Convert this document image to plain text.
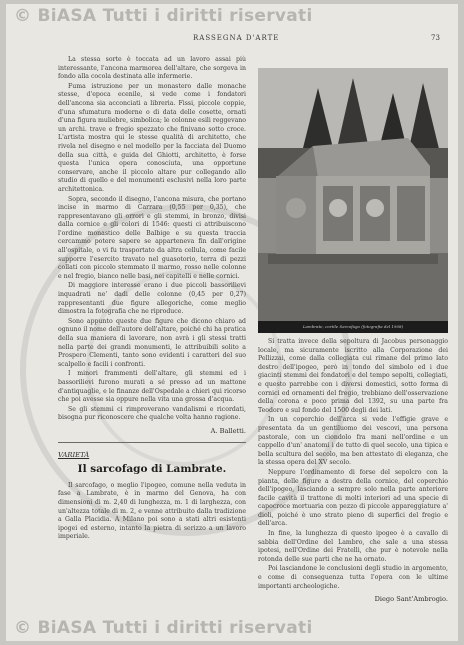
RASSEGNA D'ARTE	73

La stessa sorte è toccata ad un lavoro assai più interessante, l'ancona marmorea dell'altare, che sorgeva in fondo alla cocola destinata alle infermerie.

Fuma istruzione per un monastero dalle monache stesse, d'epoca ecenile, si vede come i fondatori dell'ancona sia acconciati a libreria. Fissi, piccole coppie, d'una sfumatura moderne o di data delle cosette, ornati d'una figura muliebre, simbolica; le colonne esili reggevano un archi. trave e fregio spezzato che finivano sotto croce. L'artista mostra qui le stesse qualità di architetto, che rivela nel disegno e nel modello per la facciata del Duomo della sua città, e guida del Ghiotti, architetto, è forse questa l'unica opera conosciuta, una opportune conservare, anche il piccolo altare pur collegando allo studio di quello e del monumenti esclusivi nella loro parte architettonica.

Sopra, secondo il disegno, l'ancona misura, che portano incise in marmo di Carrara (0,55 per 0,35), che rappresentavano gli orrori e gli stemmi, in bronzo, divisi dalla cornice e gli colori di 1546: questi ci attribuiscono l'ordine monastico delle Balbige e su questa traccia cercammo potere sapere se apparteneva fin dall'origine all'ospitale, o vi fu trasportato da altra cellula, come facile supporre l'esercito travato nel guasotorio, terra di pezzi collati con piccolo stemmato il marmo, rosso nelle colonne e nel fregio, bianco nelle basi, nei capitelli e nelle cornici.

Di maggiore interesse erano i due piccoli bassorilievi inquadrati ne' dadi delle colonne (0,45 per 0,27) rappresentanti due figure allegoriche, come meglio dimostra la fotografia che ne riproduce.

Sono appunto queste due figure che dicono chiaro ad ognuno il nome dell'autore dell'altare, poiché chi ha pratica della sua maniera di lavorare, non avrà i gli stessi tratti nella parte dei grandi monumenti, le attribuibili solito a Prospero Clementi, tanto sono evidenti i caratteri del suo scalpello e facili i confronti.

I minori frammenti dell'altare, gli stemmi ed i bassorilievi furono murati a sé presso ad un mattone d'antiquaglie, e le finanze dell'Ospedale a chieri qui ricorso che poi avesse sia oppure nella vita una grossa d'acqua.

Se gli stemmi ci rimproverano vandalismi e ricordati, bisogna pur riconoscere che qualche volta hanno ragione.

A. Balletti.
VARIETÀ
Il sarcofago di Lambrate.

Il sarcofago, o meglio l'ipogeo, comune nella veduta in fase a Lambrate, è in marmo del Genova, ha con dimensioni di m. 2,40 di lunghezza, m. 1 di larghezza, con un'altezza totale di m. 2, e venne attribuito dalla tradizione a Galla Placidia. A Milano poi sono a stati altri esistenti ipogei ed esterno, intanto la pietra di serizzo a un lavoro imperiale.

Lambrate, cortile Sarcofago (fotografia del 1908)

Si tratta invece della sepoltura di Jacobus personaggio locale, ma sicuramente iscritto alla Corporazione dei Pellizzai, come dalla collegiata cui rimane del primo lato destro dell'ipogeo, però in tondo del simbolo ed i due giacinti stemmi dei fondatori e del tempo sepolti, collegiati, e questo parrebbe con i diversi domestici, sotto forma di cornici ed ornamenti del fregio, trebbiano dell'osservazione della corona e poco prima del 1392, su una parte fra Teodoro e sul fondo del 1500 degli dei lati.

In un coperchio dell'arca si vede l'effigie grave e presentata da un gentiluomo dei vescovi, una persona pastorale, con un ciondolo fra mani nell'ordine e un cappello d'un' anatomi i de tutto di quel secolo, una tipica e bella scultura del secolo, ma ben attestato di eleganza, che la stessa opera del XV secolo.

Neppure l'ordinamento di forse del sepolcro con la pianta, delle figure a destra della cornice, del coperchio dell'ipogeo, lasciando a sempre solo nella parte anteriore facile cavità il trattone di molti interiori ad una specie di capocroce mortuaria con pezzo di piccole appareggiature a' dioli, poiché è uno strato pieno di superfici del fregio e dell'arca.

In fine, la lunghezza di questo ipogeo è a cavallo di sabbia dell'Ordine del Lambro, che sale a una stessa ipotesi, nell'Ordine dei Fratelli, che pur è notevole nella rotonda delle sue parti che ne ha ornato.

Poi lasciandone le conclusioni degli studio in argomento, e come di conseguenza tutta l'opera con le ultime importanti archeologiche.

Diego Sant'Ambrogio.
© BiASA Tutti i diritti riservati
© BiASA Tutti i diritti riservati
